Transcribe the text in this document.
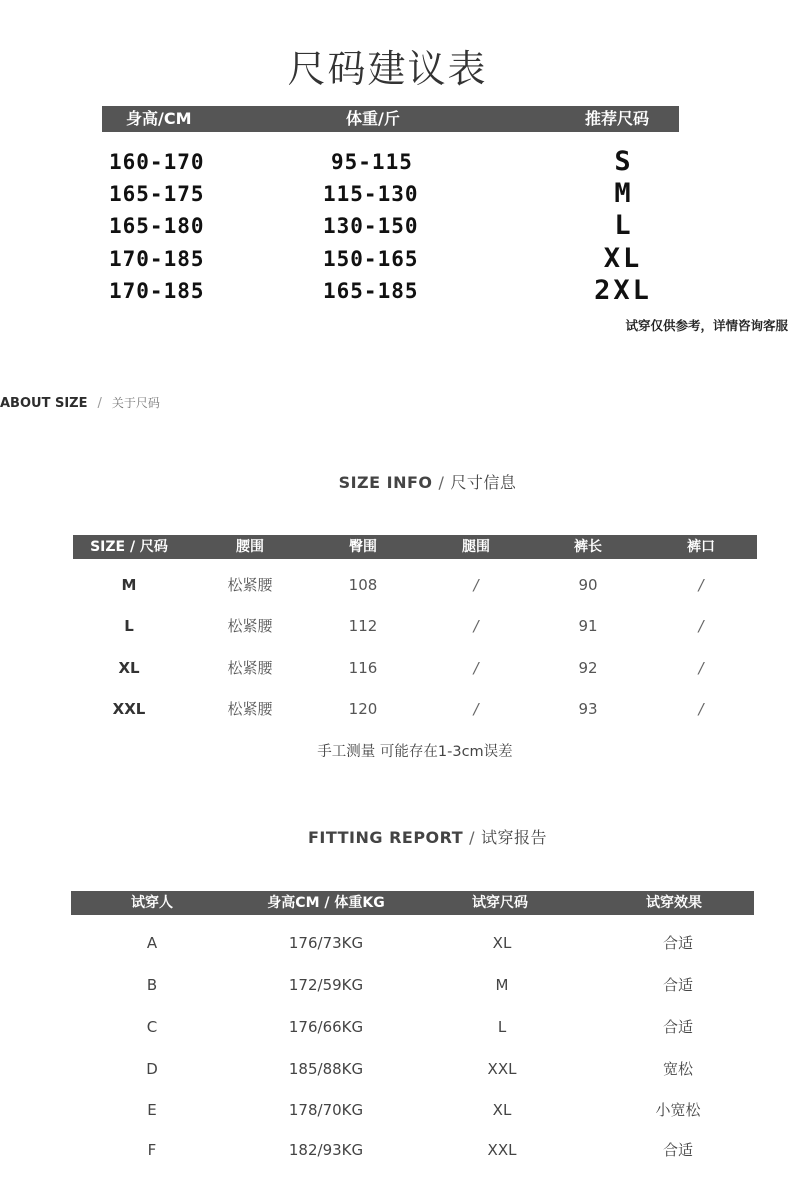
尺码建议表
身高/CM	体重/斤	推荐尺码
160-170	95-115	S
165-175	115-130	M
165-180	130-150	L
170-185	150-165	XL
170-185	165-185	2XL
试穿仅供参考，详情咨询客服
ABOUT SIZE / 关于尺码
SIZE INFO / 尺寸信息
SIZE / 尺码	腰围	臀围	腿围	裤长	裤口
M	松紧腰	108	/	90	/
L	松紧腰	112	/	91	/
XL	松紧腰	116	/	92	/
XXL	松紧腰	120	/	93	/
手工测量 可能存在1-3cm误差
FITTING REPORT / 试穿报告
试穿人	身高CM / 体重KG	试穿尺码	试穿效果
A	176/73KG	XL	合适
B	172/59KG	M	合适
C	176/66KG	L	合适
D	185/88KG	XXL	宽松
E	178/70KG	XL	小宽松
F	182/93KG	XXL	合适
